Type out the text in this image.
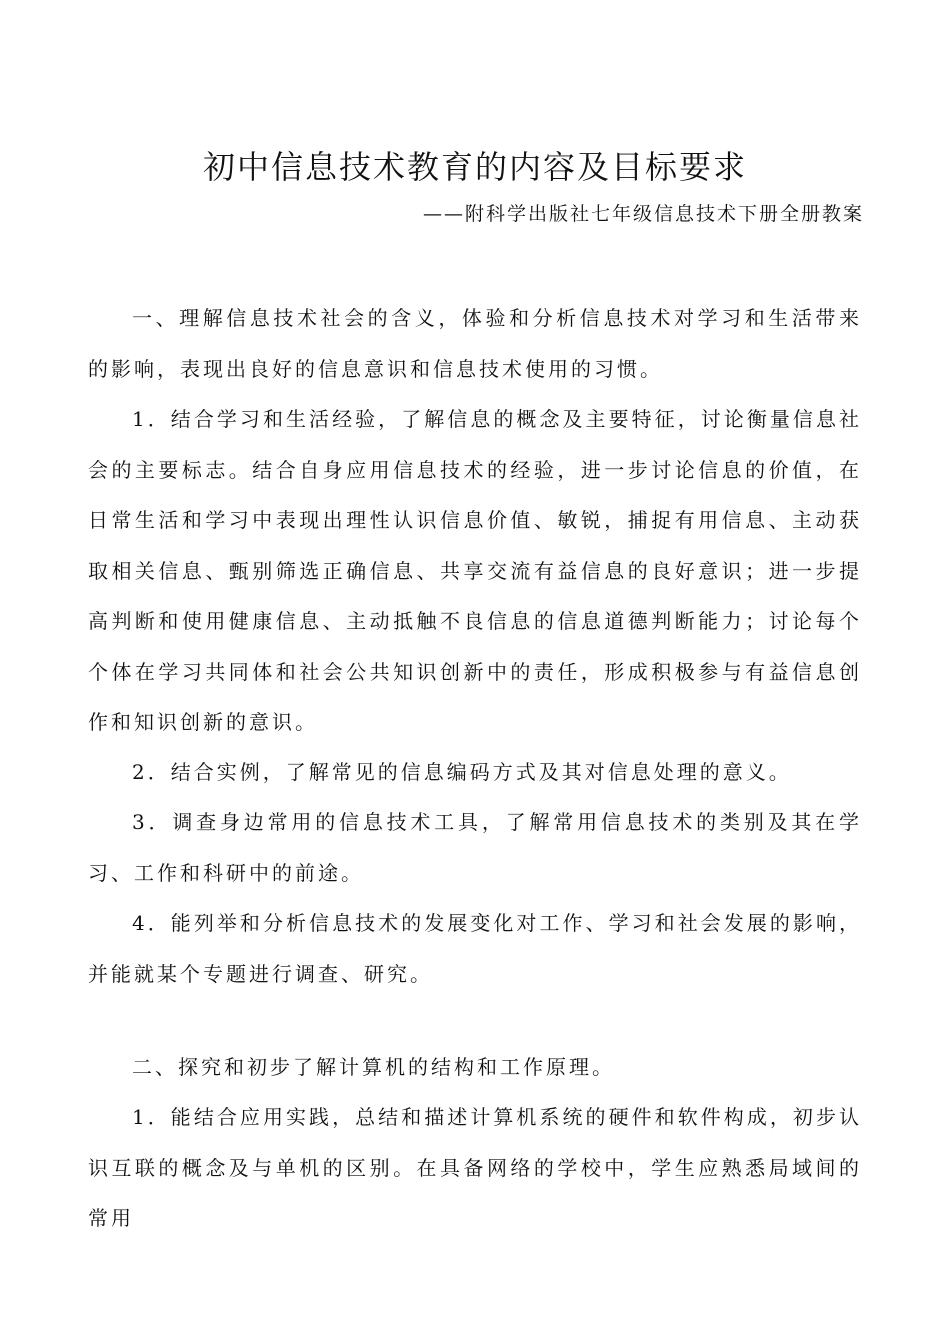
初中信息技术教育的内容及目标要求

——附科学出版社七年级信息技术下册全册教案

一、理解信息技术社会的含义，体验和分析信息技术对学习和生活带来的影响，表现出良好的信息意识和信息技术使用的习惯。

1．结合学习和生活经验，了解信息的概念及主要特征，讨论衡量信息社会的主要标志。结合自身应用信息技术的经验，进一步讨论信息的价值，在日常生活和学习中表现出理性认识信息价值、敏锐，捕捉有用信息、主动获取相关信息、甄别筛选正确信息、共享交流有益信息的良好意识；进一步提高判断和使用健康信息、主动抵触不良信息的信息道德判断能力；讨论每个个体在学习共同体和社会公共知识创新中的责任，形成积极参与有益信息创作和知识创新的意识。

2．结合实例，了解常见的信息编码方式及其对信息处理的意义。

3．调查身边常用的信息技术工具，了解常用信息技术的类别及其在学习、工作和科研中的前途。

4．能列举和分析信息技术的发展变化对工作、学习和社会发展的影响，并能就某个专题进行调查、研究。

二、探究和初步了解计算机的结构和工作原理。

1．能结合应用实践，总结和描述计算机系统的硬件和软件构成，初步认识互联的概念及与单机的区别。在具备网络的学校中，学生应熟悉局域间的常用
